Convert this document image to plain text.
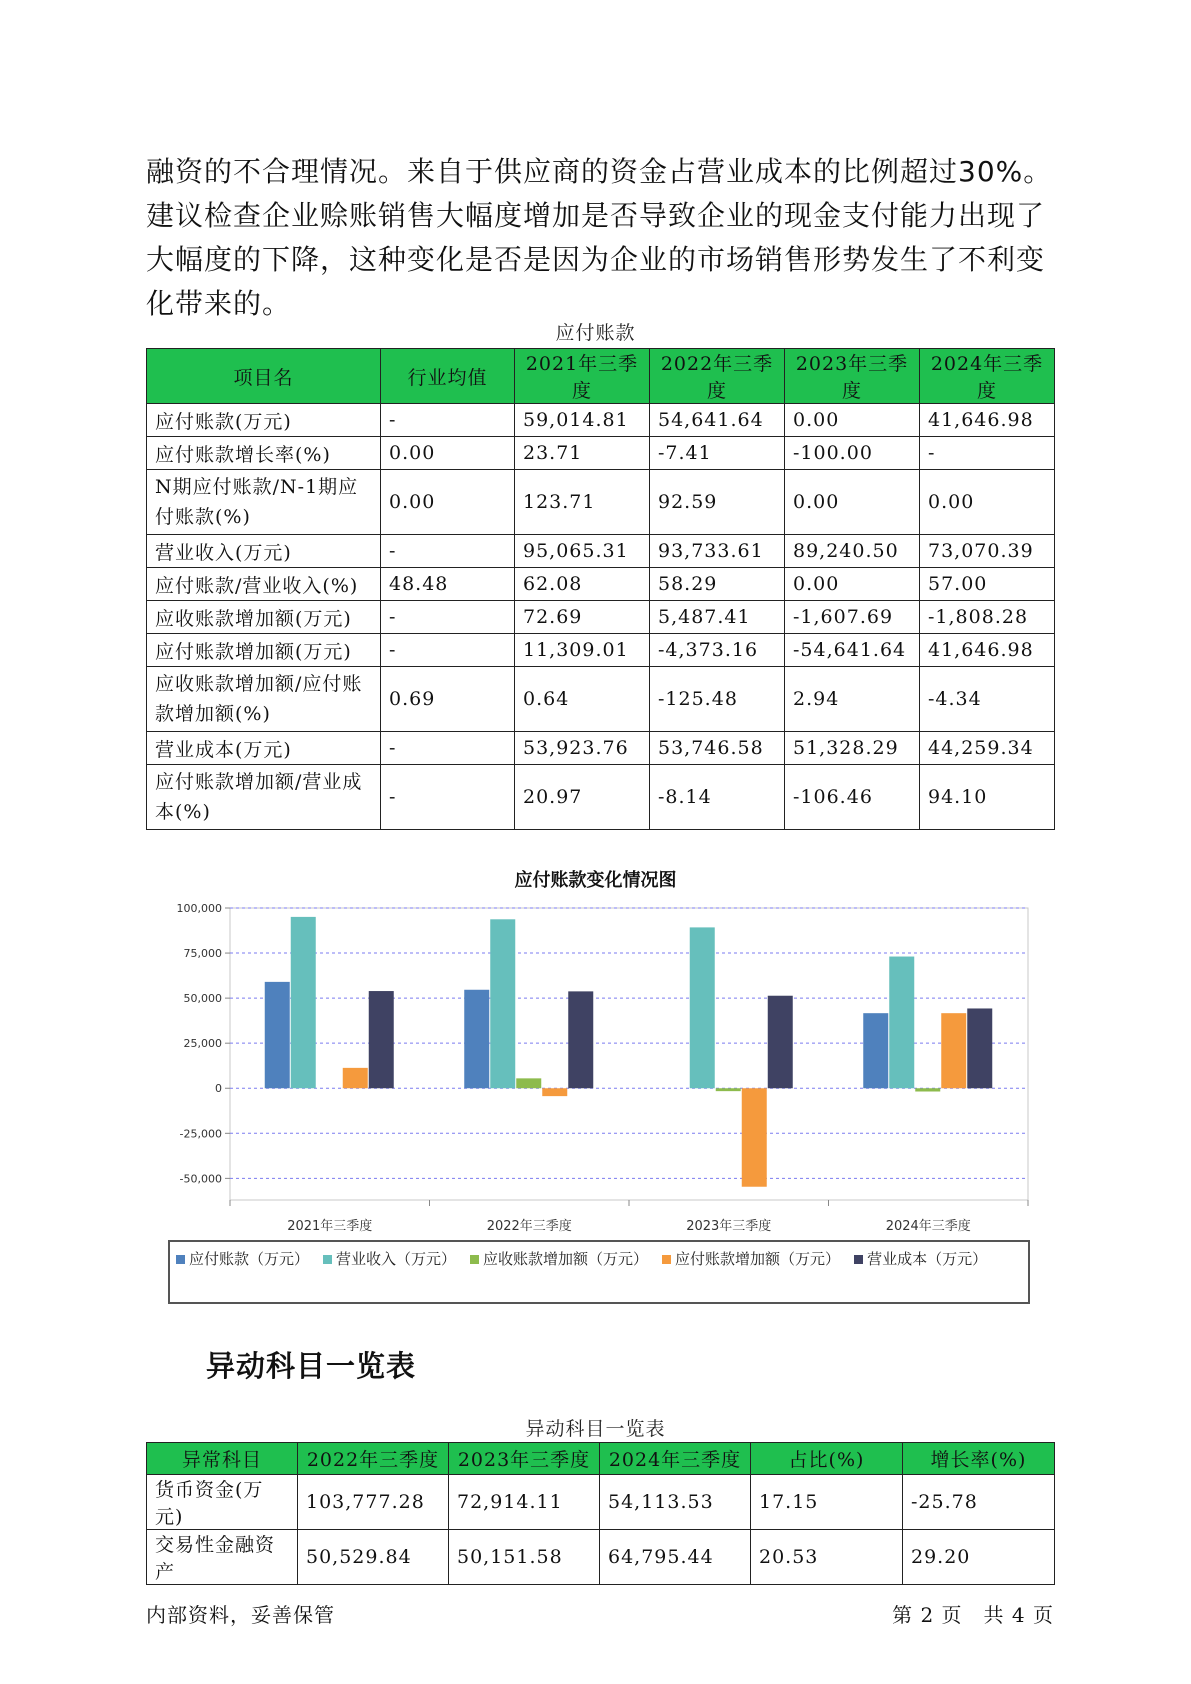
融资的不合理情况。来自于供应商的资金占营业成本的比例超过30%。建议检查企业赊账销售大幅度增加是否导致企业的现金支付能力出现了大幅度的下降，这种变化是否是因为企业的市场销售形势发生了不利变化带来的。
应付账款
项目名	行业均值	2021年三季度	2022年三季度	2023年三季度	2024年三季度
应付账款(万元)	-	59,014.81	54,641.64	0.00	41,646.98
应付账款增长率(%)	0.00	23.71	-7.41	-100.00	-
N期应付账款/N-1期应付账款(%)	0.00	123.71	92.59	0.00	0.00
营业收入(万元)	-	95,065.31	93,733.61	89,240.50	73,070.39
应付账款/营业收入(%)	48.48	62.08	58.29	0.00	57.00
应收账款增加额(万元)	-	72.69	5,487.41	-1,607.69	-1,808.28
应付账款增加额(万元)	-	11,309.01	-4,373.16	-54,641.64	41,646.98
应收账款增加额/应付账款增加额(%)	0.69	0.64	-125.48	2.94	-4.34
营业成本(万元)	-	53,923.76	53,746.58	51,328.29	44,259.34
应付账款增加额/营业成本(%)	-	20.97	-8.14	-106.46	94.10
应付账款变化情况图
100,000
75,000
50,000
25,000
0
-25,000
-50,000
2021年三季度	2022年三季度	2023年三季度	2024年三季度
应付账款（万元） 营业收入（万元） 应收账款增加额（万元） 应付账款增加额（万元） 营业成本（万元）
异动科目一览表
异动科目一览表
异常科目	2022年三季度	2023年三季度	2024年三季度	占比(%)	增长率(%)
货币资金(万元)	103,777.28	72,914.11	54,113.53	17.15	-25.78
交易性金融资产	50,529.84	50,151.58	64,795.44	20.53	29.20
内部资料，妥善保管	第 2 页　共 4 页
